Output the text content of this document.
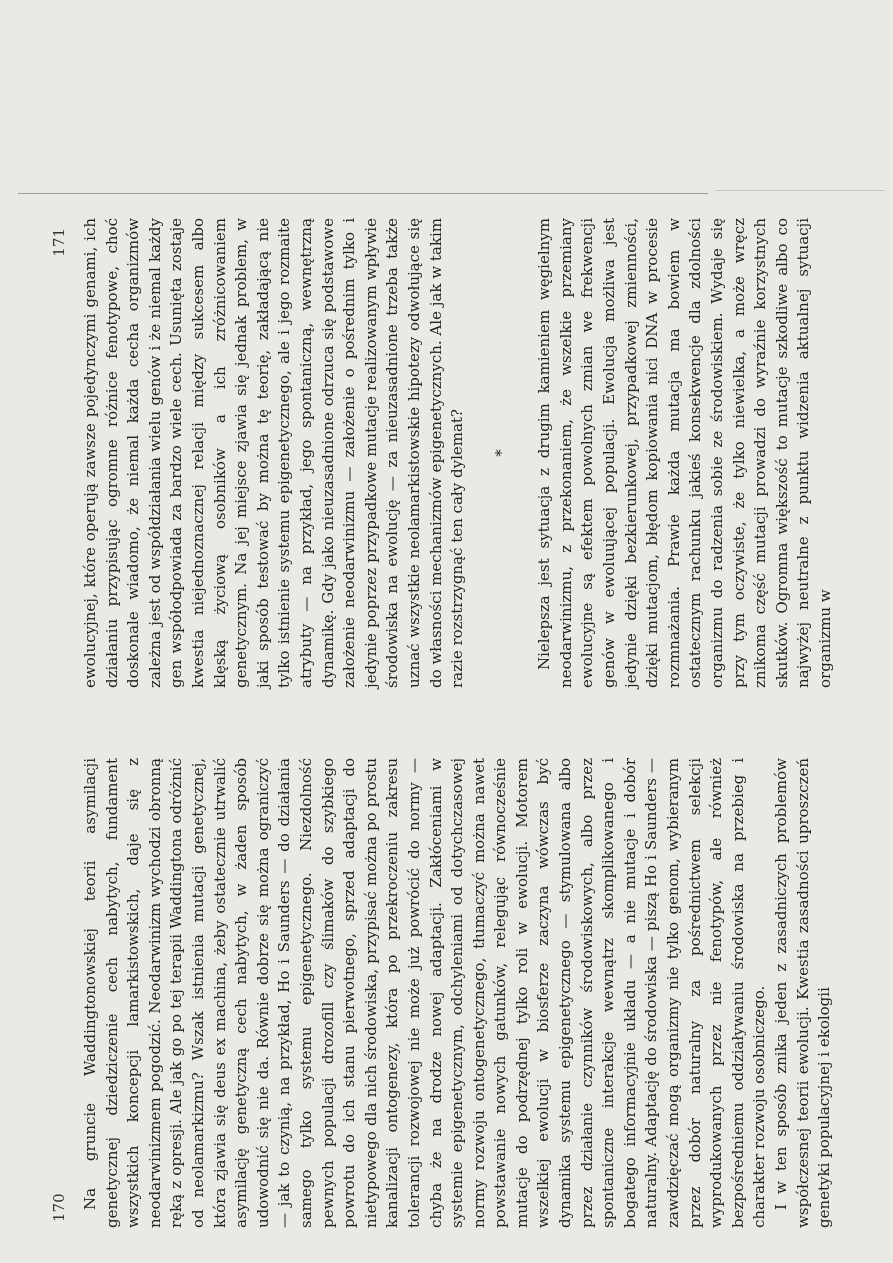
170 Na gruncie Waddingtonowskiej teorii asymilacji genetycznej dziedziczenie cech nabytych, fundament wszystkich koncepcji lamarkistowskich, daje się z neodarwinizmem pogodzić. Neodarwinizm wychodzi obronną ręką z opresji. Ale jak go po tej terapii Waddingtona odróżnić od neolamarkizmu? Wszak istnienia mutacji genetycznej, która zjawia się deus ex machina, żeby ostatecznie utrwalić asymilację genetyczną cech nabytych, w żaden sposób udowodnić się nie da. Równie dobrze się można ograniczyć — jak to czynią, na przykład, Ho i Saunders — do działania samego tylko systemu epigenetycznego. Niezdolność pewnych populacji drozofill czy ślimaków do szybkiego powrotu do ich stanu pierwotnego, sprzed adaptacji do nietypowego dla nich środowiska, przypisać można po prostu kanalizacji ontogenezy, która po przekroczeniu zakresu tolerancji rozwojowej nie może już powrócić do normy — chyba że na drodze nowej adaptacji. Zakłóceniami w systemie epigenetycznym, odchyleniami od dotychczasowej normy rozwoju ontogenetycznego, tłumaczyć można nawet powstawanie nowych gatunków, relegując równocześnie mutacje do podrzędnej tylko roli w ewolucji. Motorem wszelkiej ewolucji w biosferze zaczyna wówczas być dynamika systemu epigenetycznego — stymulowana albo przez działanie czynników środowiskowych, albo przez spontaniczne interakcje wewnątrz skomplikowanego i bogatego informacyjnie układu — a nie mutacje i dobór naturalny. Adaptację do środowiska — piszą Ho i Saunders — zawdzięczać mogą organizmy nie tylko genom, wybieranym przez dobór naturalny za pośrednictwem selekcji wyprodukowanych przez nie fenotypów, ale również bezpośredniemu oddziaływaniu środowiska na przebieg i charakter rozwoju osobniczego. I w ten sposób znika jeden z zasadniczych problemów współczesnej teorii ewolucji. Kwestia zasadności uproszczeń genetyki populacyjnej i ekologii

171 ewolucyjnej, które operują zawsze pojedynczymi genami, ich działaniu przypisując ogromne różnice fenotypowe, choć doskonale wiadomo, że niemal każda cecha organizmów zależna jest od współdziałania wielu genów i że niemal każdy gen współodpowiada za bardzo wiele cech. Usunięta zostaje kwestia niejednoznacznej relacji między sukcesem albo klęską życiową osobników a ich zróżnicowaniem genetycznym. Na jej miejsce zjawia się jednak problem, w jaki sposób testować by można tę teorię, zakładającą nie tylko istnienie systemu epigenetycznego, ale i jego rozmaite atrybuty — na przykład, jego spontaniczną, wewnętrzną dynamikę. Gdy jako nieuzasadnione odrzuca się podstawowe założenie neodarwinizmu — założenie o pośrednim tylko i jedynie poprzez przypadkowe mutacje realizowanym wpływie środowiska na ewolucję — za nieuzasadnione trzeba także uznać wszystkie neolamarkistowskie hipotezy odwołujące się do własności mechanizmów epigenetycznych. Ale jak w takim razie rozstrzygnąć ten cały dylemat? * Nielepsza jest sytuacja z drugim kamieniem węgielnym neodarwinizmu, z przekonaniem, że wszelkie przemiany ewolucyjne są efektem powolnych zmian we frekwencji genów w ewoluującej populacji. Ewolucja możliwa jest jedynie dzięki bezkierunkowej, przypadkowej zmienności, dzięki mutacjom, błędom kopiowania nici DNA w procesie rozmnażania. Prawie każda mutacja ma bowiem w ostatecznym rachunku jakieś konsekwencje dla zdolności organizmu do radzenia sobie ze środowiskiem. Wydaje się przy tym oczywiste, że tylko niewielka, a może wręcz znikoma część mutacji prowadzi do wyraźnie korzystnych skutków. Ogromna większość to mutacje szkodliwe albo co najwyżej neutralne z punktu widzenia aktualnej sytuacji organizmu w
